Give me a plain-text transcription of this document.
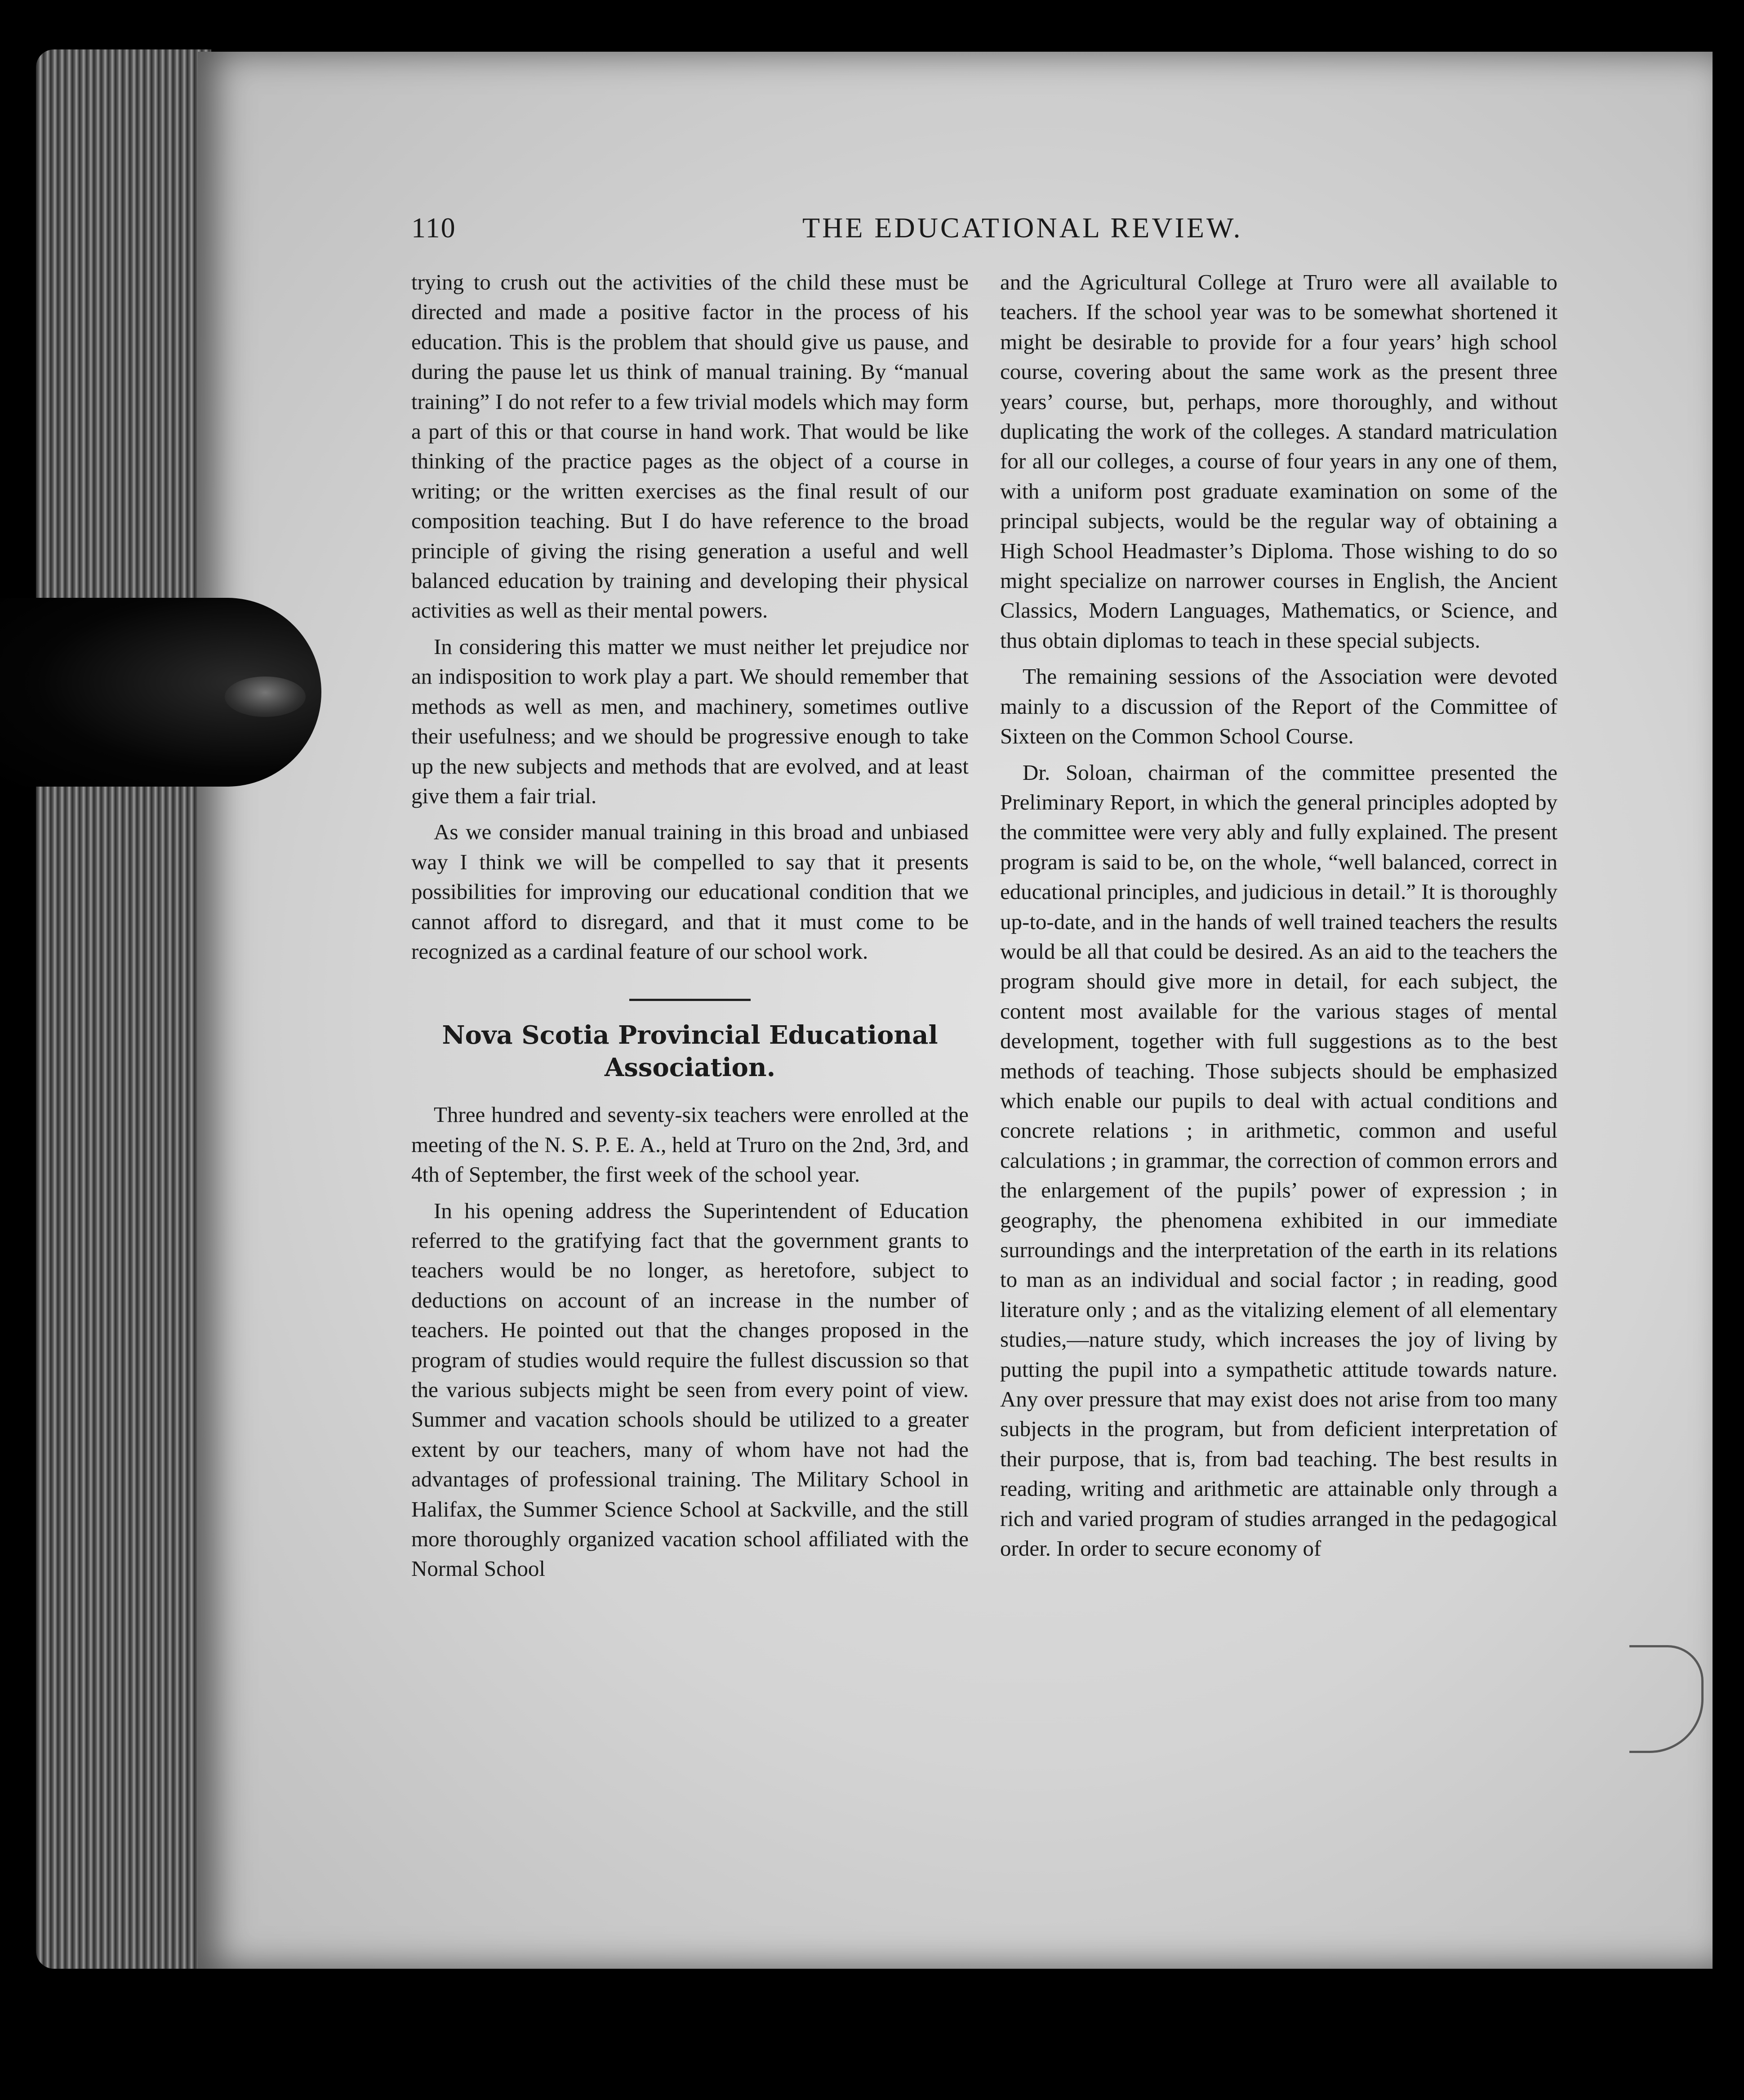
110	THE EDUCATIONAL REVIEW.

trying to crush out the activities of the child these must be directed and made a positive factor in the process of his education. This is the problem that should give us pause, and during the pause let us think of manual training. By “manual training” I do not refer to a few trivial models which may form a part of this or that course in hand work. That would be like thinking of the practice pages as the object of a course in writing; or the written exercises as the final result of our composition teaching. But I do have reference to the broad principle of giving the rising generation a useful and well balanced education by training and developing their physical activities as well as their mental powers.

In considering this matter we must neither let prejudice nor an indisposition to work play a part. We should remember that methods as well as men, and machinery, sometimes outlive their usefulness; and we should be progressive enough to take up the new subjects and methods that are evolved, and at least give them a fair trial.

As we consider manual training in this broad and unbiased way I think we will be compelled to say that it presents possibilities for improving our educational condition that we cannot afford to disregard, and that it must come to be recognized as a cardinal feature of our school work.

Nova Scotia Provincial Educational Association.

Three hundred and seventy-six teachers were enrolled at the meeting of the N. S. P. E. A., held at Truro on the 2nd, 3rd, and 4th of September, the first week of the school year.

In his opening address the Superintendent of Education referred to the gratifying fact that the government grants to teachers would be no longer, as heretofore, subject to deductions on account of an increase in the number of teachers. He pointed out that the changes proposed in the program of studies would require the fullest discussion so that the various subjects might be seen from every point of view. Summer and vacation schools should be utilized to a greater extent by our teachers, many of whom have not had the advantages of professional training. The Military School in Halifax, the Summer Science School at Sackville, and the still more thoroughly organized vacation school affiliated with the Normal School

and the Agricultural College at Truro were all available to teachers. If the school year was to be somewhat shortened it might be desirable to provide for a four years’ high school course, covering about the same work as the present three years’ course, but, perhaps, more thoroughly, and without duplicating the work of the colleges. A standard matriculation for all our colleges, a course of four years in any one of them, with a uniform post graduate examination on some of the principal subjects, would be the regular way of obtaining a High School Headmaster’s Diploma. Those wishing to do so might specialize on narrower courses in English, the Ancient Classics, Modern Languages, Mathematics, or Science, and thus obtain diplomas to teach in these special subjects.

The remaining sessions of the Association were devoted mainly to a discussion of the Report of the Committee of Sixteen on the Common School Course.

Dr. Soloan, chairman of the committee presented the Preliminary Report, in which the general principles adopted by the committee were very ably and fully explained. The present program is said to be, on the whole, “well balanced, correct in educational principles, and judicious in detail.” It is thoroughly up-to-date, and in the hands of well trained teachers the results would be all that could be desired. As an aid to the teachers the program should give more in detail, for each subject, the content most available for the various stages of mental development, together with full suggestions as to the best methods of teaching. Those subjects should be emphasized which enable our pupils to deal with actual conditions and concrete relations ; in arithmetic, common and useful calculations ; in grammar, the correction of common errors and the enlargement of the pupils’ power of expression ; in geography, the phenomena exhibited in our immediate surroundings and the interpretation of the earth in its relations to man as an individual and social factor ; in reading, good literature only ; and as the vitalizing element of all elementary studies,—nature study, which increases the joy of living by putting the pupil into a sympathetic attitude towards nature. Any over pressure that may exist does not arise from too many subjects in the program, but from deficient interpretation of their purpose, that is, from bad teaching. The best results in reading, writing and arithmetic are attainable only through a rich and varied program of studies arranged in the pedagogical order. In order to secure economy of
